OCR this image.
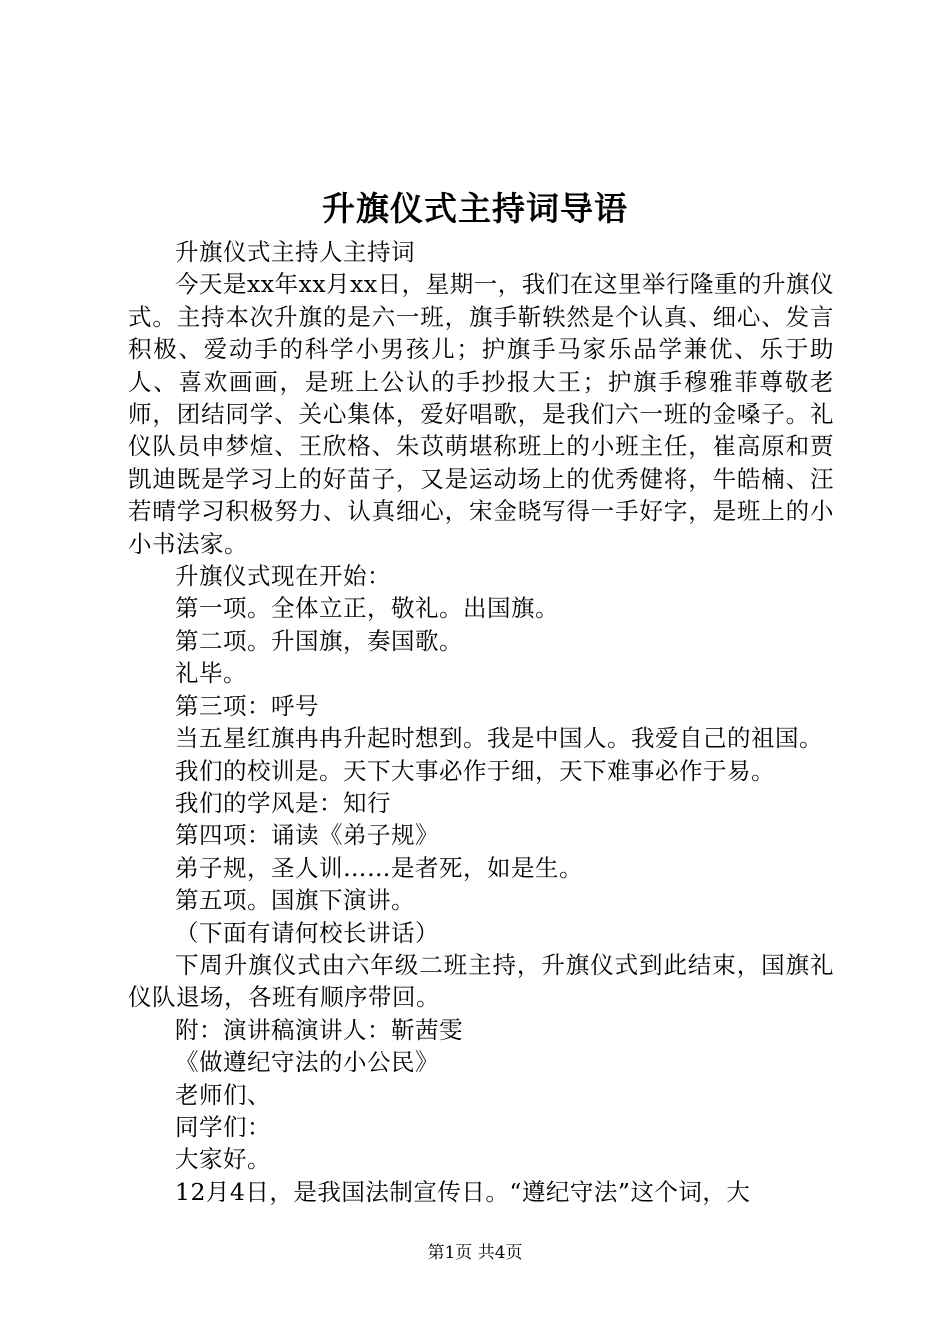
升旗仪式主持词导语

升旗仪式主持人主持词

今天是xx年xx月xx日，星期一，我们在这里举行隆重的升旗仪式。主持本次升旗的是六一班，旗手靳轶然是个认真、细心、发言积极、爱动手的科学小男孩儿；护旗手马家乐品学兼优、乐于助人、喜欢画画，是班上公认的手抄报大王；护旗手穆雅菲尊敬老师，团结同学、关心集体，爱好唱歌，是我们六一班的金嗓子。礼仪队员申梦煊、王欣格、朱苡萌堪称班上的小班主任，崔高原和贾凯迪既是学习上的好苗子，又是运动场上的优秀健将，牛皓楠、汪若晴学习积极努力、认真细心，宋金晓写得一手好字，是班上的小小书法家。

升旗仪式现在开始：

第一项。全体立正，敬礼。出国旗。

第二项。升国旗，奏国歌。

礼毕。

第三项：呼号

当五星红旗冉冉升起时想到。我是中国人。我爱自己的祖国。

我们的校训是。天下大事必作于细，天下难事必作于易。

我们的学风是：知行

第四项：诵读《弟子规》

弟子规，圣人训……是者死，如是生。

第五项。国旗下演讲。

（下面有请何校长讲话）

下周升旗仪式由六年级二班主持，升旗仪式到此结束，国旗礼仪队退场，各班有顺序带回。

附：演讲稿演讲人：靳茜雯

《做遵纪守法的小公民》

老师们、

同学们：

大家好。

12月4日，是我国法制宣传日。“遵纪守法”这个词，大

第1页 共4页
